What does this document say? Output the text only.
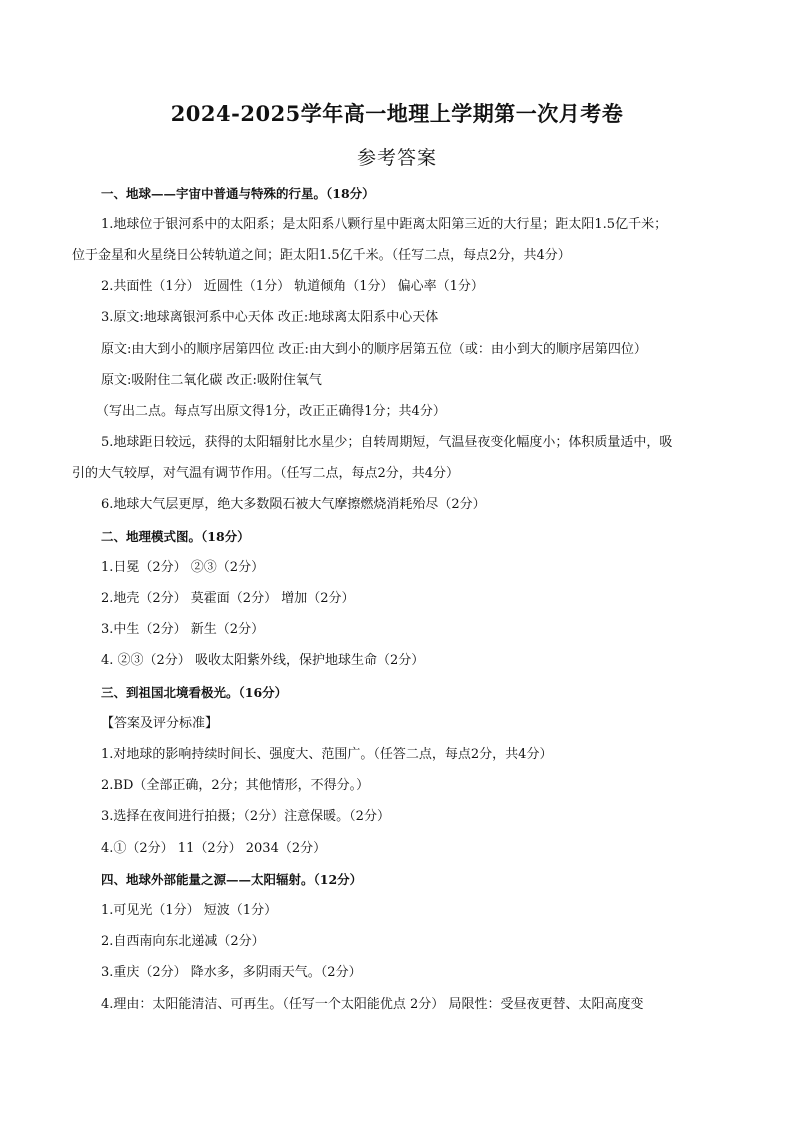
2024-2025学年高一地理上学期第一次月考卷
参考答案
一、地球——宇宙中普通与特殊的行星。（18分）
1.地球位于银河系中的太阳系；是太阳系八颗行星中距离太阳第三近的大行星；距太阳1.5亿千米；
位于金星和火星绕日公转轨道之间；距太阳1.5亿千米。（任写二点，每点2分，共4分）
2.共面性（1分） 近圆性（1分） 轨道倾角（1分） 偏心率（1分）
3.原文:地球离银河系中心天体 改正:地球离太阳系中心天体
原文:由大到小的顺序居第四位 改正:由大到小的顺序居第五位（或：由小到大的顺序居第四位）
原文:吸附住二氧化碳 改正:吸附住氧气
（写出二点。每点写出原文得1分，改正正确得1分；共4分）
5.地球距日较远，获得的太阳辐射比水星少；自转周期短，气温昼夜变化幅度小；体积质量适中，吸
引的大气较厚，对气温有调节作用。（任写二点，每点2分，共4分）
6.地球大气层更厚，绝大多数陨石被大气摩擦燃烧消耗殆尽（2分）
二、地理模式图。（18分）
1.日冕（2分） ②③（2分）
2.地壳（2分） 莫霍面（2分） 增加（2分）
3.中生（2分） 新生（2分）
4. ②③（2分） 吸收太阳紫外线，保护地球生命（2分）
三、到祖国北境看极光。（16分）
【答案及评分标准】
1.对地球的影响持续时间长、强度大、范围广。（任答二点，每点2分，共4分）
2.BD（全部正确，2分；其他情形，不得分。）
3.选择在夜间进行拍摄；（2分）注意保暖。（2分）
4.①（2分） 11（2分） 2034（2分）
四、地球外部能量之源——太阳辐射。（12分）
1.可见光（1分） 短波（1分）
2.自西南向东北递减（2分）
3.重庆（2分） 降水多，多阴雨天气。（2分）
4.理由：太阳能清洁、可再生。（任写一个太阳能优点 2分） 局限性：受昼夜更替、太阳高度变
